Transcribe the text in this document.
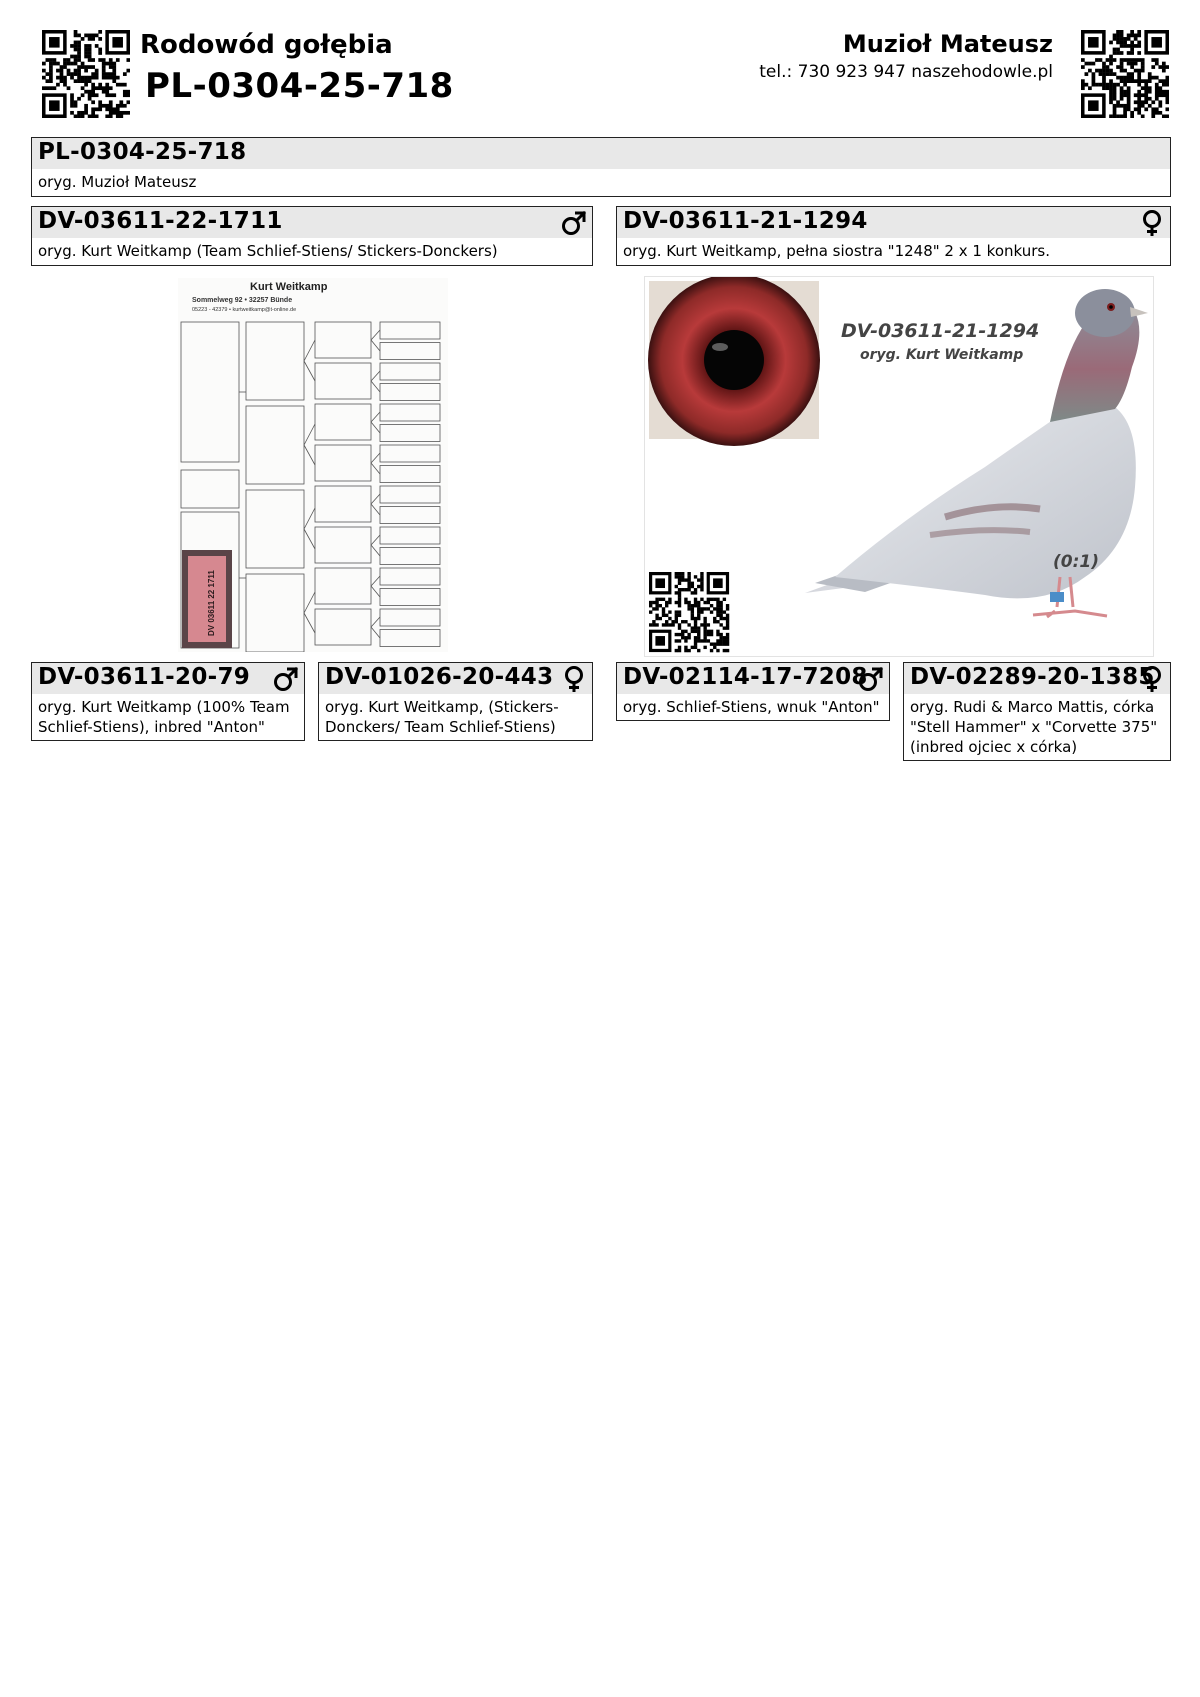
Rodowód gołębia
PL-0304-25-718
Muzioł Mateusz
tel.: 730 923 947 naszehodowle.pl
PL-0304-25-718
oryg. Muzioł Mateusz
DV-03611-22-1711
oryg. Kurt Weitkamp (Team Schlief-Stiens/ Stickers-Donckers)
DV-03611-21-1294
oryg. Kurt Weitkamp, pełna siostra "1248" 2 x 1 konkurs.
Kurt Weitkamp
Sommelweg 92 • 32257 Bünde
05223 - 42379 • kurtweitkamp@t-online.de
DV 03611 22 1711
DV-03611-21-1294
oryg. Kurt Weitkamp
(0:1)
DV-03611-20-79
oryg. Kurt Weitkamp (100% Team Schlief-Stiens), inbred "Anton"
DV-01026-20-443
oryg. Kurt Weitkamp, (Stickers-Donckers/ Team Schlief-Stiens)
DV-02114-17-7208
oryg. Schlief-Stiens, wnuk "Anton"
DV-02289-20-1385
oryg. Rudi & Marco Mattis, córka "Stell Hammer" x "Corvette 375" (inbred ojciec x córka)
